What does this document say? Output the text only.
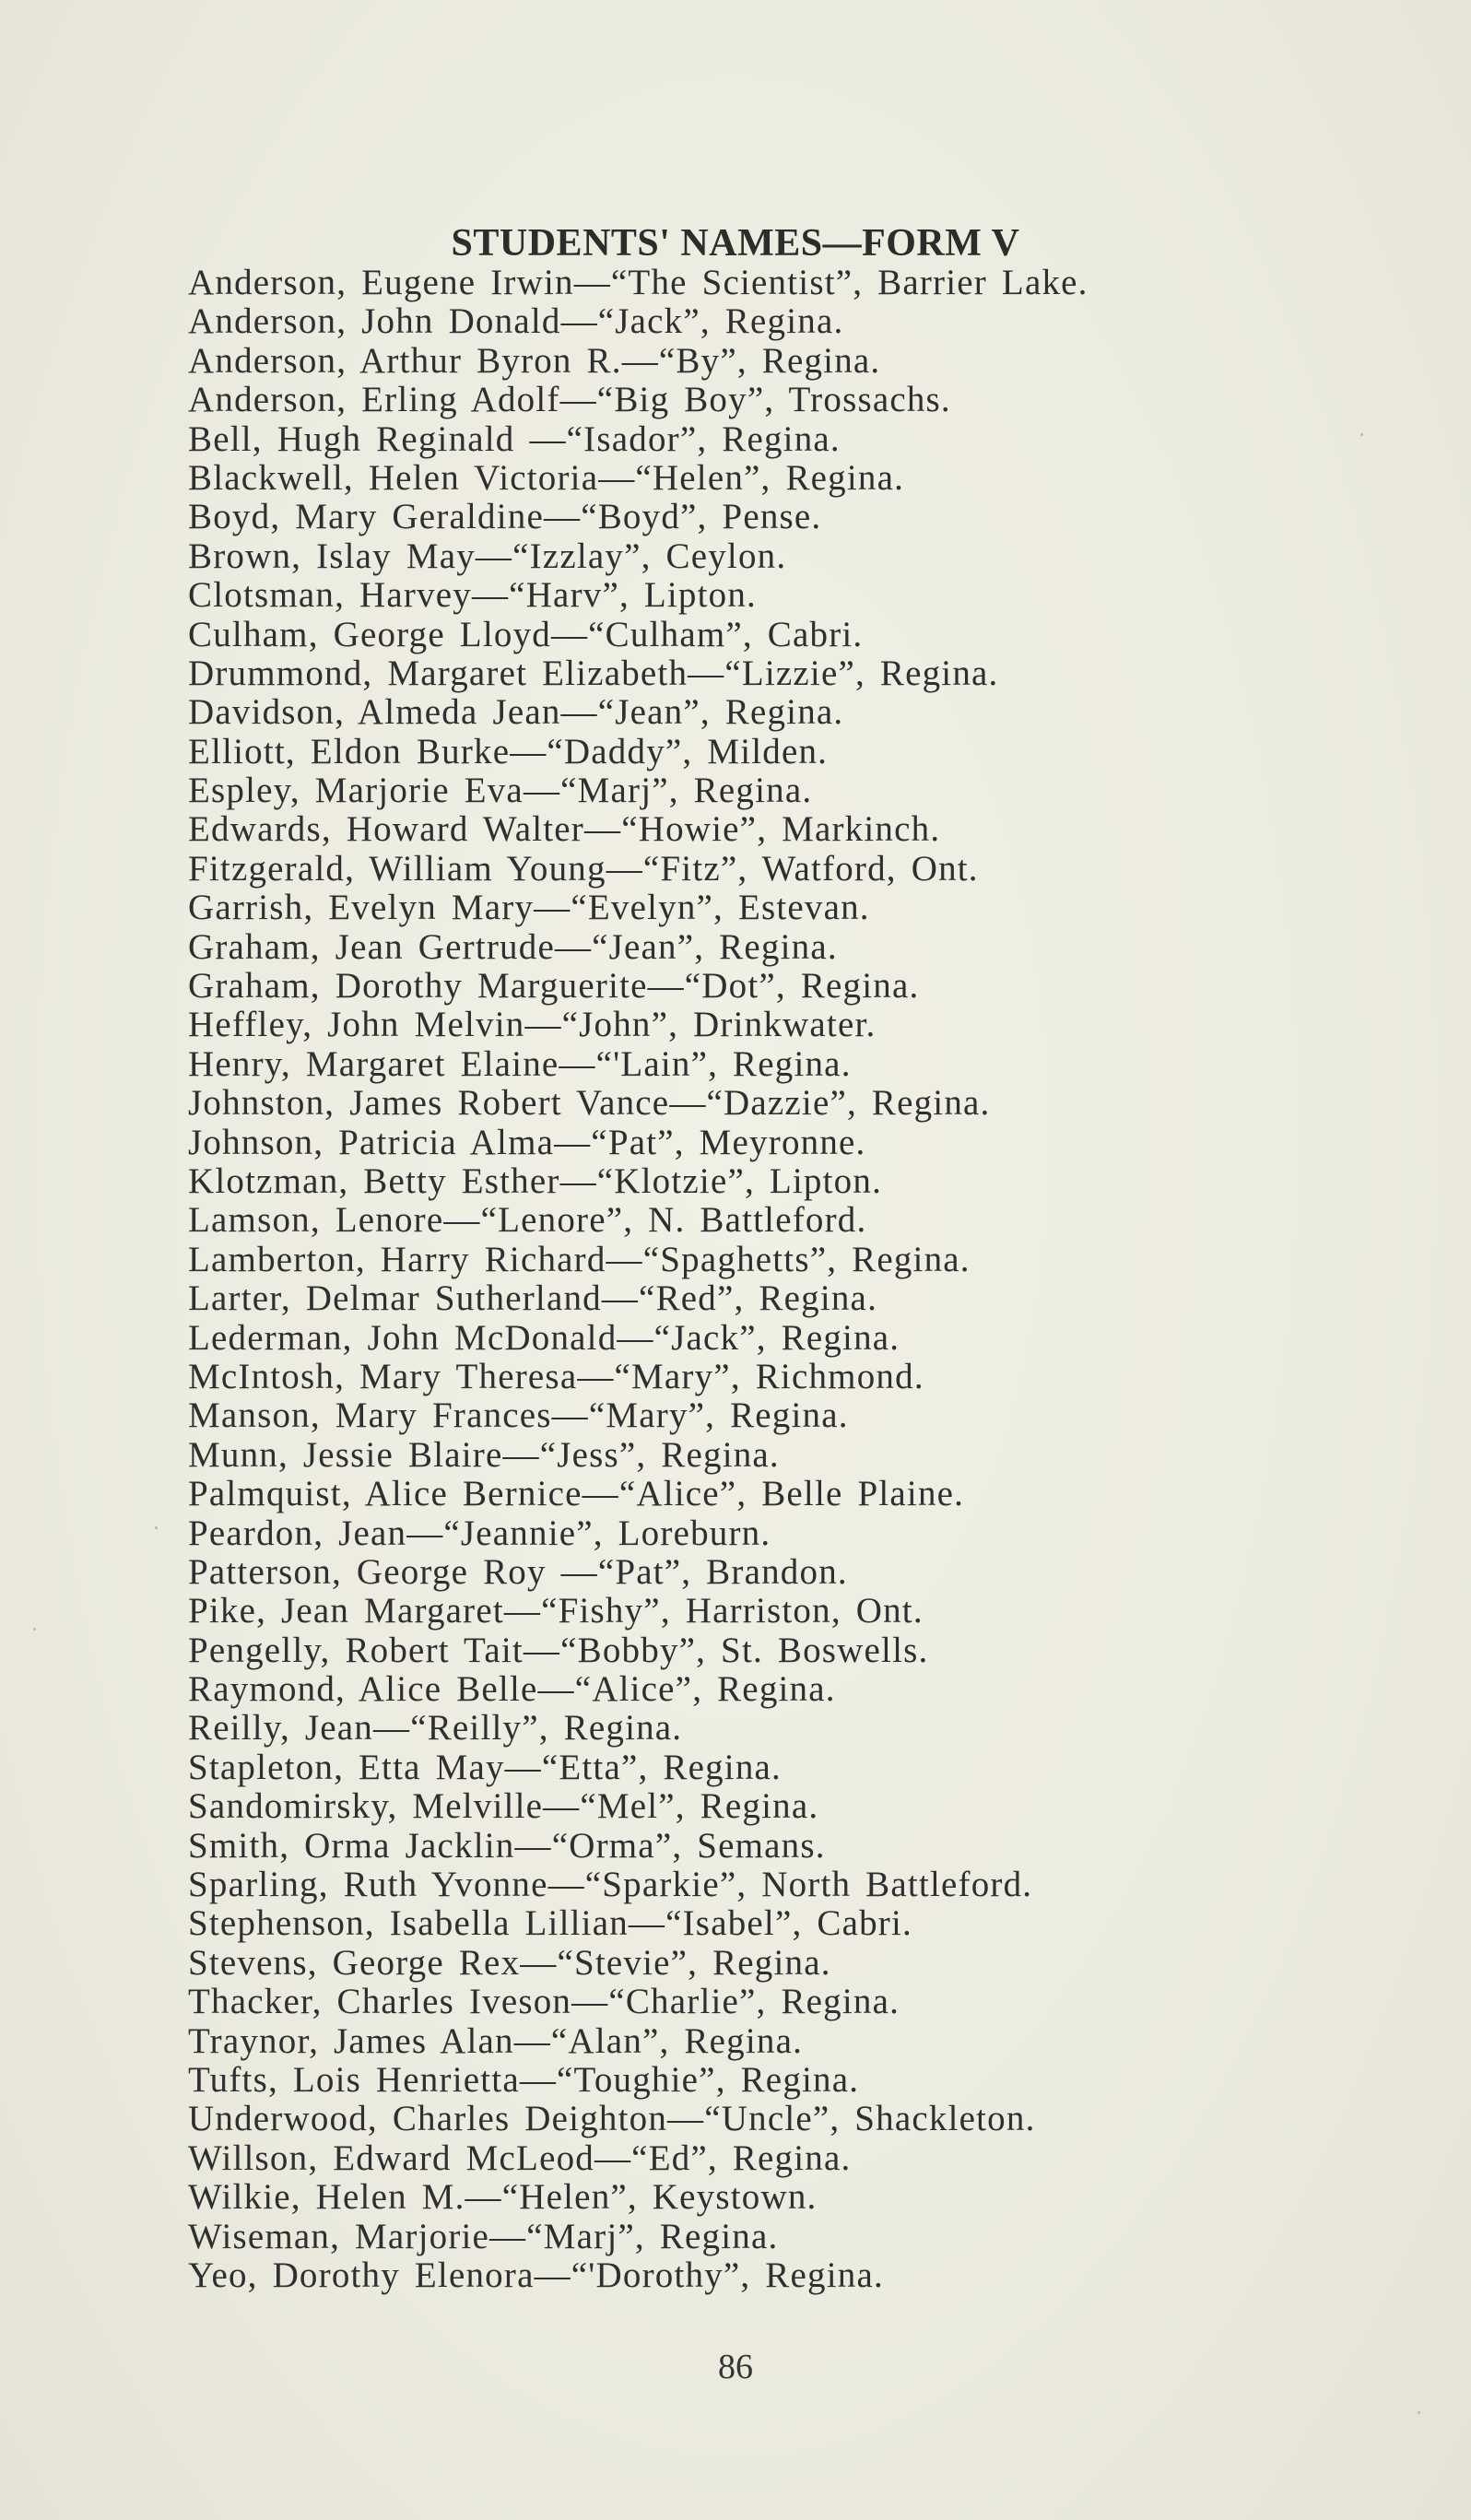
STUDENTS' NAMES—FORM V
Anderson, Eugene Irwin—“The Scientist”, Barrier Lake.
Anderson, John Donald—“Jack”, Regina.
Anderson, Arthur Byron R.—“By”, Regina.
Anderson, Erling Adolf—“Big Boy”, Trossachs.
Bell, Hugh Reginald —“Isador”, Regina.
Blackwell, Helen Victoria—“Helen”, Regina.
Boyd, Mary Geraldine—“Boyd”, Pense.
Brown, Islay May—“Izzlay”, Ceylon.
Clotsman, Harvey—“Harv”, Lipton.
Culham, George Lloyd—“Culham”, Cabri.
Drummond, Margaret Elizabeth—“Lizzie”, Regina.
Davidson, Almeda Jean—“Jean”, Regina.
Elliott, Eldon Burke—“Daddy”, Milden.
Espley, Marjorie Eva—“Marj”, Regina.
Edwards, Howard Walter—“Howie”, Markinch.
Fitzgerald, William Young—“Fitz”, Watford, Ont.
Garrish, Evelyn Mary—“Evelyn”, Estevan.
Graham, Jean Gertrude—“Jean”, Regina.
Graham, Dorothy Marguerite—“Dot”, Regina.
Heffley, John Melvin—“John”, Drinkwater.
Henry, Margaret Elaine—“'Lain”, Regina.
Johnston, James Robert Vance—“Dazzie”, Regina.
Johnson, Patricia Alma—“Pat”, Meyronne.
Klotzman, Betty Esther—“Klotzie”, Lipton.
Lamson, Lenore—“Lenore”, N. Battleford.
Lamberton, Harry Richard—“Spaghetts”, Regina.
Larter, Delmar Sutherland—“Red”, Regina.
Lederman, John McDonald—“Jack”, Regina.
McIntosh, Mary Theresa—“Mary”, Richmond.
Manson, Mary Frances—“Mary”, Regina.
Munn, Jessie Blaire—“Jess”, Regina.
Palmquist, Alice Bernice—“Alice”, Belle Plaine.
Peardon, Jean—“Jeannie”, Loreburn.
Patterson, George Roy —“Pat”, Brandon.
Pike, Jean Margaret—“Fishy”, Harriston, Ont.
Pengelly, Robert Tait—“Bobby”, St. Boswells.
Raymond, Alice Belle—“Alice”, Regina.
Reilly, Jean—“Reilly”, Regina.
Stapleton, Etta May—“Etta”, Regina.
Sandomirsky, Melville—“Mel”, Regina.
Smith, Orma Jacklin—“Orma”, Semans.
Sparling, Ruth Yvonne—“Sparkie”, North Battleford.
Stephenson, Isabella Lillian—“Isabel”, Cabri.
Stevens, George Rex—“Stevie”, Regina.
Thacker, Charles Iveson—“Charlie”, Regina.
Traynor, James Alan—“Alan”, Regina.
Tufts, Lois Henrietta—“Toughie”, Regina.
Underwood, Charles Deighton—“Uncle”, Shackleton.
Willson, Edward McLeod—“Ed”, Regina.
Wilkie, Helen M.—“Helen”, Keystown.
Wiseman, Marjorie—“Marj”, Regina.
Yeo, Dorothy Elenora—“'Dorothy”, Regina.
86
